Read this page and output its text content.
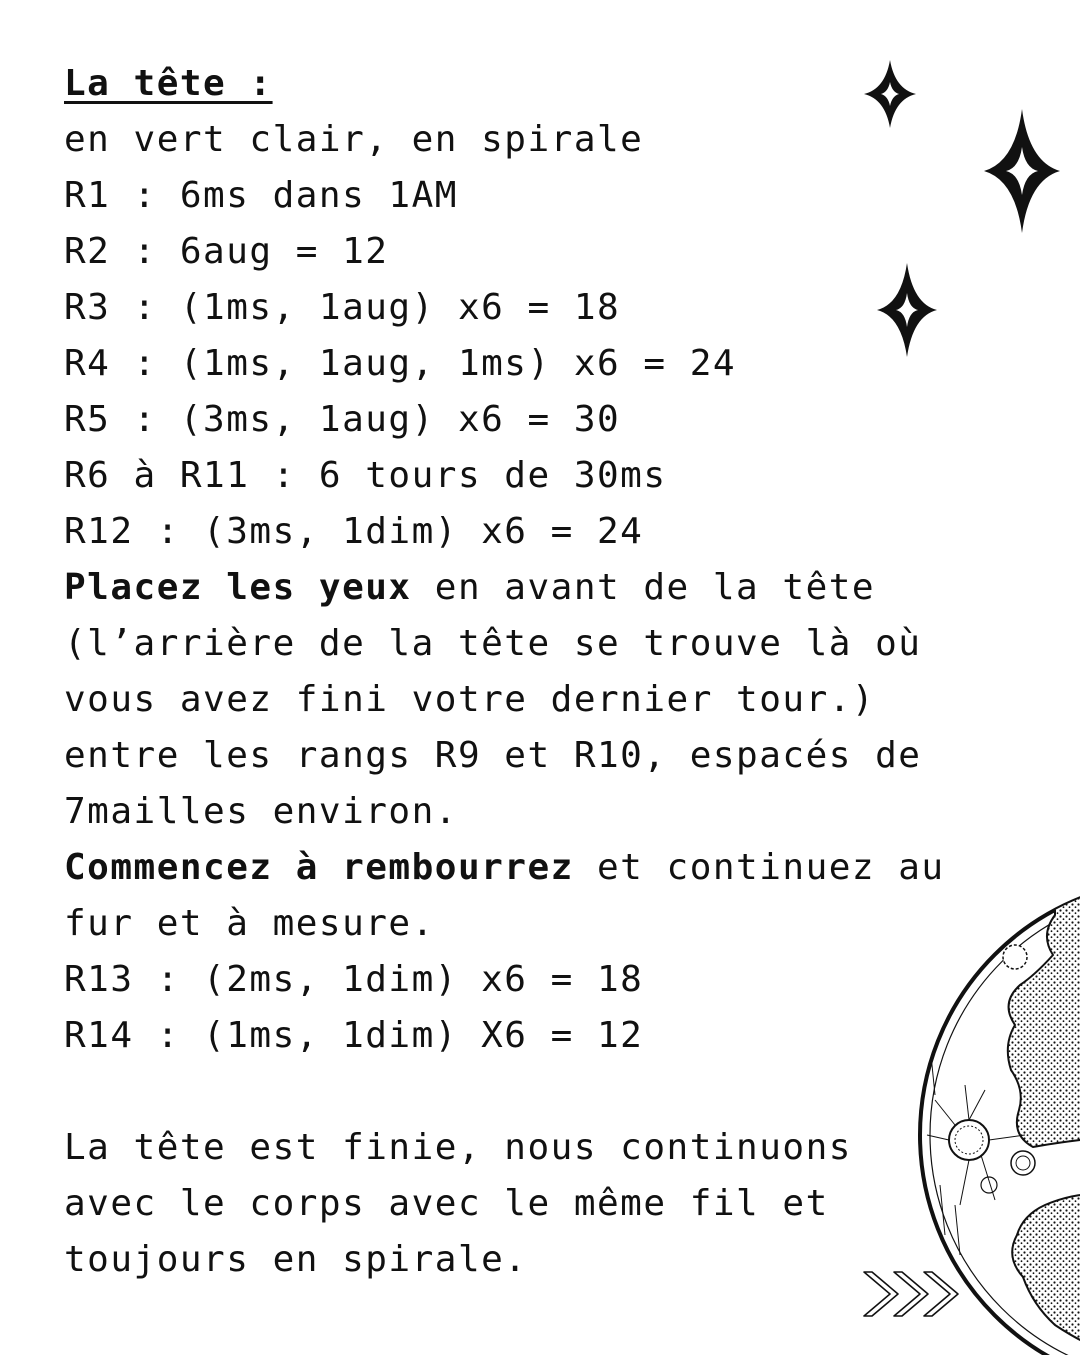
La tête :
en vert clair, en spirale
R1 : 6ms dans 1AM
R2 : 6aug = 12
R3 : (1ms, 1aug) x6 = 18
R4 : (1ms, 1aug, 1ms) x6 = 24
R5 : (3ms, 1aug) x6 = 30
R6 à R11 : 6 tours de 30ms
R12 : (3ms, 1dim) x6 = 24
Placez les yeux en avant de la tête
(l’arrière de la tête se trouve là où
vous avez fini votre dernier tour.)
entre les rangs R9 et R10, espacés de
7mailles environ.
Commencez à rembourrez et continuez au
fur et à mesure.
R13 : (2ms, 1dim) x6 = 18
R14 : (1ms, 1dim) X6 = 12
La tête est finie, nous continuons
avec le corps avec le même fil et
toujours en spirale.
